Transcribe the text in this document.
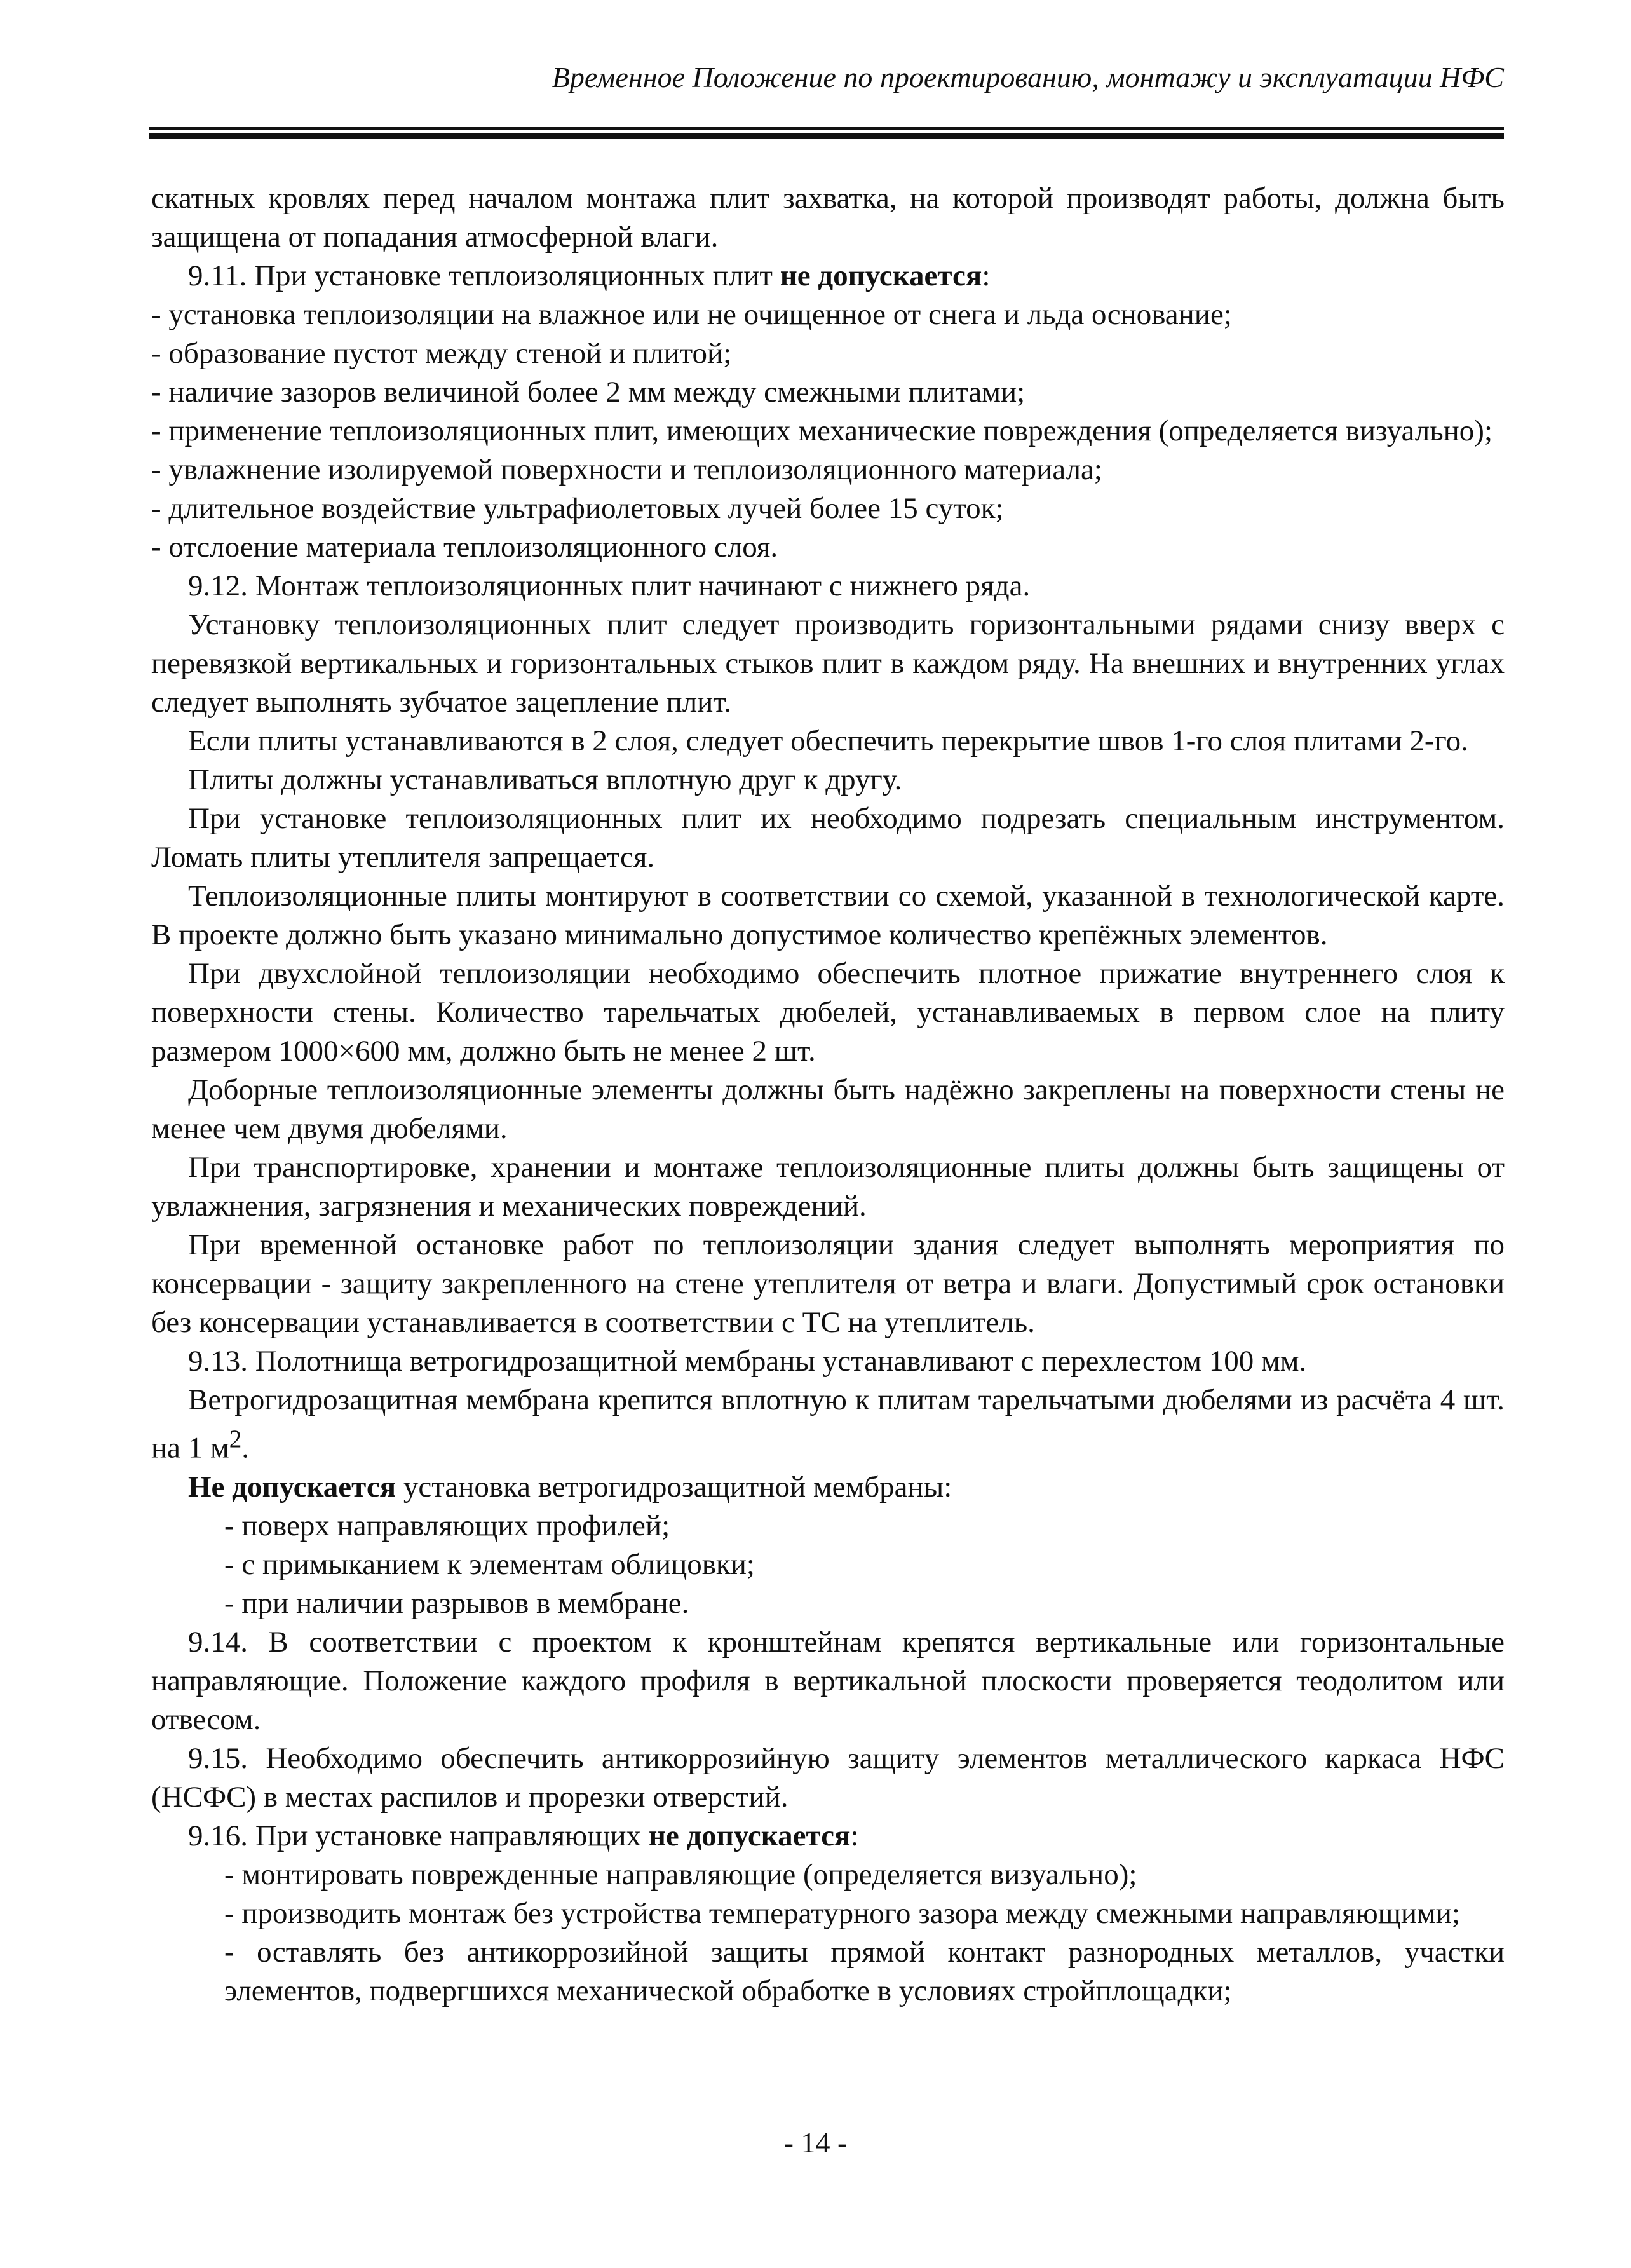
Временное Положение по проектированию, монтажу и эксплуатации НФС

скатных кровлях перед началом монтажа плит захватка, на которой производят работы, должна быть защищена от попадания атмосферной влаги.

9.11. При установке теплоизоляционных плит не допускается:

- установка теплоизоляции на влажное или не очищенное от снега и льда основание;

- образование пустот между стеной и плитой;

- наличие зазоров величиной более 2 мм между смежными плитами;

- применение теплоизоляционных плит, имеющих механические повреждения (определяется визуально);

- увлажнение изолируемой поверхности и теплоизоляционного материала;

- длительное воздействие ультрафиолетовых лучей более 15 суток;

- отслоение материала теплоизоляционного слоя.

9.12. Монтаж теплоизоляционных плит начинают с нижнего ряда.

Установку теплоизоляционных плит следует производить горизонтальными рядами снизу вверх с перевязкой вертикальных и горизонтальных стыков плит в каждом ряду. На внешних и внутренних углах следует выполнять зубчатое зацепление плит.

Если плиты устанавливаются в 2 слоя, следует обеспечить перекрытие швов 1-го слоя плитами 2-го.

Плиты должны устанавливаться вплотную друг к другу.

При установке теплоизоляционных плит их необходимо подрезать специальным инструментом. Ломать плиты утеплителя запрещается.

Теплоизоляционные плиты монтируют в соответствии со схемой, указанной в технологической карте. В проекте должно быть указано минимально допустимое количество крепёжных элементов.

При двухслойной теплоизоляции необходимо обеспечить плотное прижатие внутреннего слоя к поверхности стены. Количество тарельчатых дюбелей, устанавливаемых в первом слое на плиту размером 1000×600 мм, должно быть не менее 2 шт.

Доборные теплоизоляционные элементы должны быть надёжно закреплены на поверхности стены не менее чем двумя дюбелями.

При транспортировке, хранении и монтаже теплоизоляционные плиты должны быть защищены от увлажнения, загрязнения и механических повреждений.

При временной остановке работ по теплоизоляции здания следует выполнять мероприятия по консервации - защиту закрепленного на стене утеплителя от ветра и влаги. Допустимый срок остановки без консервации устанавливается в соответствии с ТС на утеплитель.

9.13. Полотнища ветрогидрозащитной мембраны устанавливают с перехлестом 100 мм.

Ветрогидрозащитная мембрана крепится вплотную к плитам тарельчатыми дюбелями из расчёта 4 шт. на 1 $м^2$.

Не допускается установка ветрогидрозащитной мембраны:

- поверх направляющих профилей;

- с примыканием к элементам облицовки;

- при наличии разрывов в мембране.

9.14. В соответствии с проектом к кронштейнам крепятся вертикальные или горизонтальные направляющие. Положение каждого профиля в вертикальной плоскости проверяется теодолитом или отвесом.

9.15. Необходимо обеспечить антикоррозийную защиту элементов металлического каркаса НФС (НСФС) в местах распилов и прорезки отверстий.

9.16. При установке направляющих не допускается:

- монтировать поврежденные направляющие (определяется визуально);

- производить монтаж без устройства температурного зазора между смежными направляющими;

- оставлять без антикоррозийной защиты прямой контакт разнородных металлов, участки элементов, подвергшихся механической обработке в условиях стройплощадки;

- 14 -
